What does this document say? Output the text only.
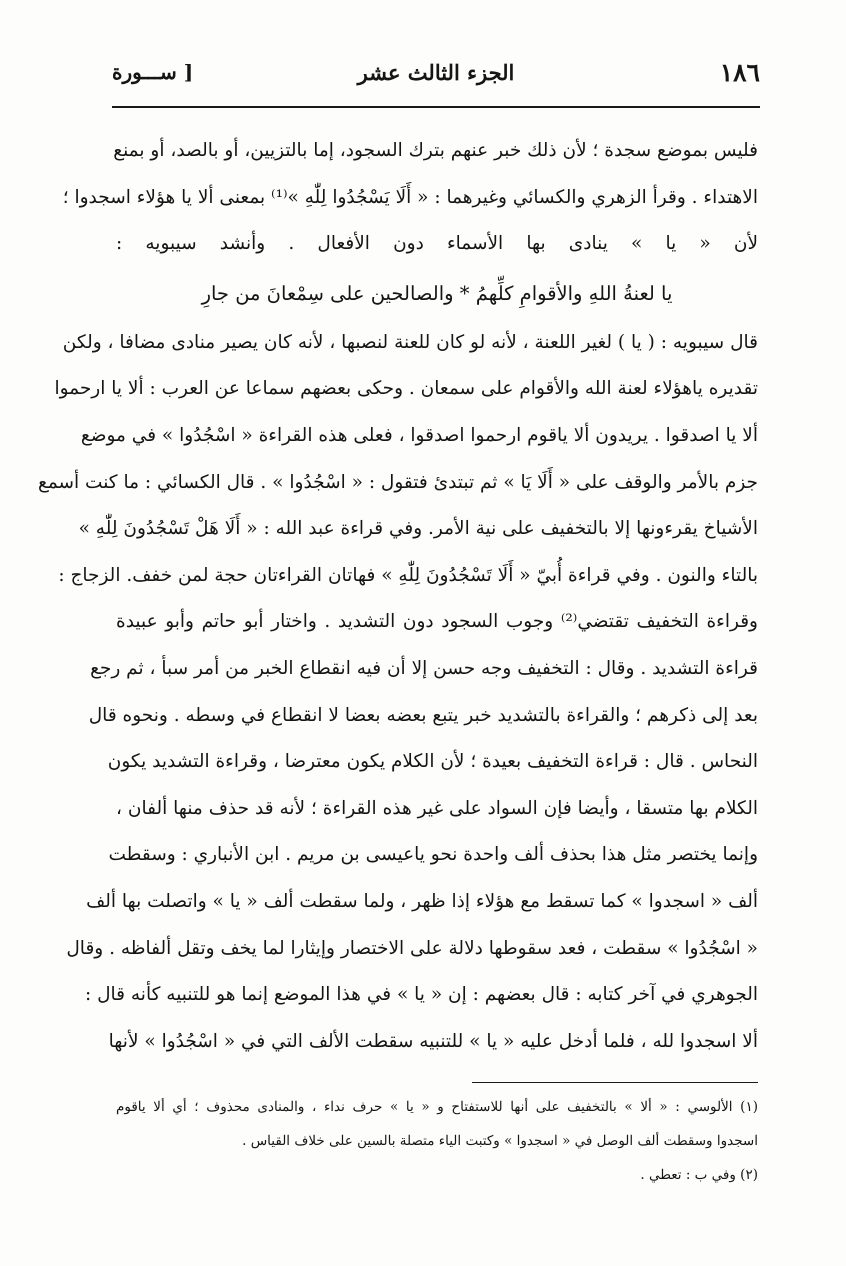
١٨٦
الجزء الثالث عشر
[ ســـورة
فليس بموضع سجدة ؛ لأن ذلك خبر عنهم بترك السجود، إما بالتزيين، أو بالصد، أو بمنع
الاهتداء . وقرأ الزهري والكسائي وغيرهما : « أَلَا يَسْجُدُوا لِلّٰهِ »⁽¹⁾ بمعنى ألا يا هؤلاء اسجدوا ؛
لأن « يا » ينادى بها الأسماء دون الأفعال . وأنشد سيبويه :
يا لعنةُ اللهِ والأقوامِ كلِّهمُ * والصالحين على سِمْعانَ من جارِ
قال سيبويه : ( يا ) لغير اللعنة ، لأنه لو كان للعنة لنصبها ، لأنه كان يصير منادى مضافا ، ولكن
تقديره ياهؤلاء لعنة الله والأقوام على سمعان . وحكى بعضهم سماعا عن العرب : ألا يا ارحموا
ألا يا اصدقوا . يريدون ألا ياقوم ارحموا اصدقوا ، فعلى هذه القراءة « اسْجُدُوا » في موضع
جزم بالأمر والوقف على « أَلَا يَا » ثم تبتدئ فتقول : « اسْجُدُوا » . قال الكسائي : ما كنت أسمع
الأشياخ يقرءونها إلا بالتخفيف على نية الأمر. وفي قراءة عبد الله : « أَلَا هَلْ تَسْجُدُونَ لِلّٰهِ »
بالتاء والنون . وفي قراءة أُبيّ « أَلَا تَسْجُدُونَ لِلّٰهِ » فهاتان القراءتان حجة لمن خفف. الزجاج :
وقراءة التخفيف تقتضي⁽²⁾ وجوب السجود دون التشديد . واختار أبو حاتم وأبو عبيدة
قراءة التشديد . وقال : التخفيف وجه حسن إلا أن فيه انقطاع الخبر من أمر سبأ ، ثم رجع
بعد إلى ذكرهم ؛ والقراءة بالتشديد خبر يتبع بعضه بعضا لا انقطاع في وسطه . ونحوه قال
النحاس . قال : قراءة التخفيف بعيدة ؛ لأن الكلام يكون معترضا ، وقراءة التشديد يكون
الكلام بها متسقا ، وأيضا فإن السواد على غير هذه القراءة ؛ لأنه قد حذف منها ألفان ،
وإنما يختصر مثل هذا بحذف ألف واحدة نحو ياعيسى بن مريم . ابن الأنباري : وسقطت
ألف « اسجدوا » كما تسقط مع هؤلاء إذا ظهر ، ولما سقطت ألف « يا » واتصلت بها ألف
« اسْجُدُوا » سقطت ، فعد سقوطها دلالة على الاختصار وإيثارا لما يخف وتقل ألفاظه . وقال
الجوهري في آخر كتابه : قال بعضهم : إن « يا » في هذا الموضع إنما هو للتنبيه كأنه قال :
ألا اسجدوا لله ، فلما أدخل عليه « يا » للتنبيه سقطت الألف التي في « اسْجُدُوا » لأنها
(١) الألوسي : « ألا » بالتخفيف على أنها للاستفتاح و « يا » حرف نداء ، والمنادى محذوف ؛ أي ألا ياقوم
اسجدوا وسقطت ألف الوصل في « اسجدوا » وكتبت الياء متصلة بالسين على خلاف القياس .
(٢) وفي ب : تعطي .
